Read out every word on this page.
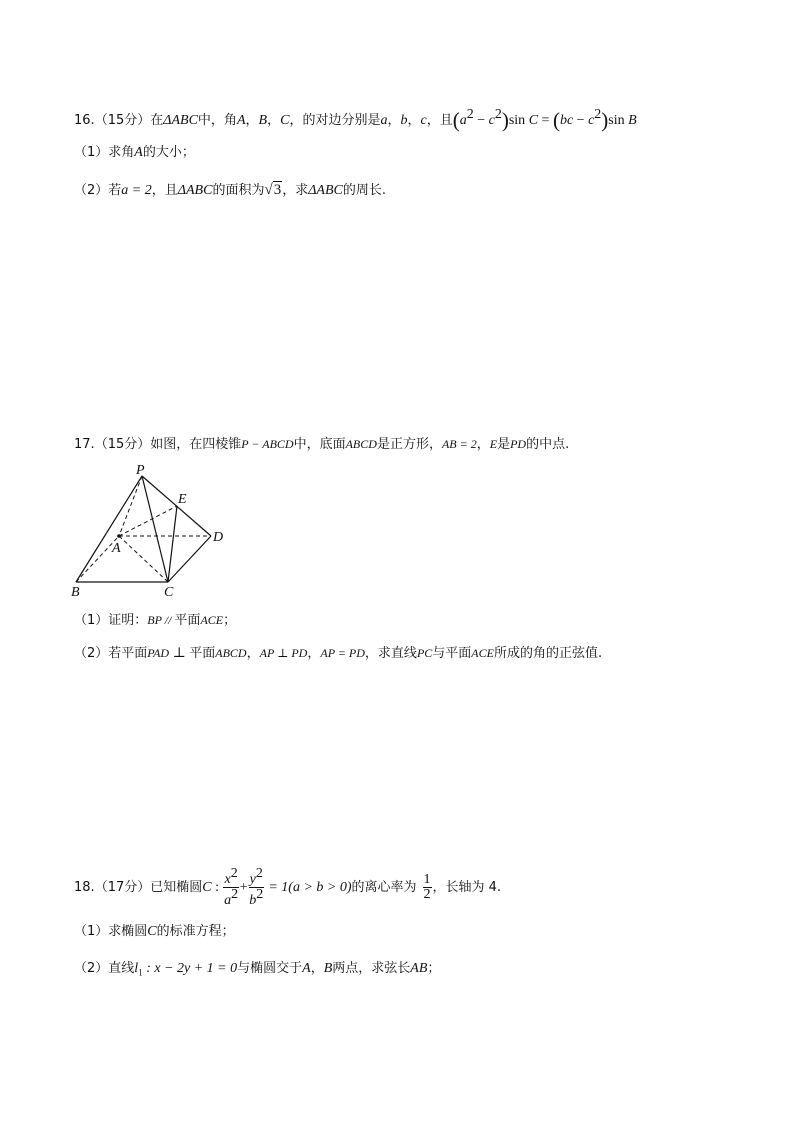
16.（15分）在ΔABC中，角A，B，C，的对边分别是a，b，c，且$(a^2 - c^2)\sin$ $C = (bc - c^2)\sin$ B
（1）求角A的大小；
（2）若a = 2，且ΔABC的面积为√3，求ΔABC的周长.
17.（15分）如图，在四棱锥P − ABCD中，底面ABCD是正方形，AB = 2，E是PD的中点.
P
E
A
D
B	C
（1）证明：BP // 平面ACE；
（2）若平面PAD ⊥ 平面ABCD，AP ⊥ PD，AP = PD，求直线PC与平面ACE所成的角的正弦值.
18.（17分）已知椭圆C : $\frac{x^2}{a^2} + \frac{y^2}{b^2} = 1(a > b > 0)$的离心率为 $\frac{1}{2}$ ，长轴为 4.
（1）求椭圆C的标准方程；
（2）直线$l_1$ : x − 2y + 1 = 0与椭圆交于A，B两点，求弦长AB；
